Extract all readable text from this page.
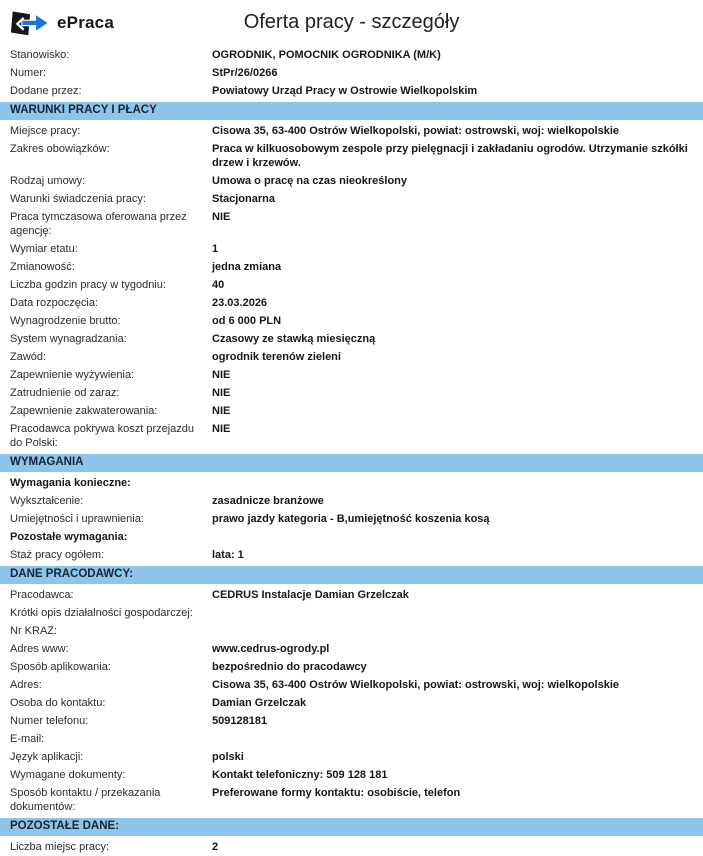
ePraca	Oferta pracy - szczegóły
Stanowisko:	OGRODNIK, POMOCNIK OGRODNIKA (M/K)
Numer:	StPr/26/0266
Dodane przez:	Powiatowy Urząd Pracy w Ostrowie Wielkopolskim
WARUNKI PRACY I PŁACY
Miejsce pracy:	Cisowa 35, 63-400 Ostrów Wielkopolski, powiat: ostrowski, woj: wielkopolskie
Zakres obowiązków:	Praca w kilkuosobowym zespole przy pielęgnacji i zakładaniu ogrodów. Utrzymanie szkółki drzew i krzewów.
Rodzaj umowy:	Umowa o pracę na czas nieokreślony
Warunki świadczenia pracy:	Stacjonarna
Praca tymczasowa oferowana przez agencję:
NIE
Wymiar etatu:	1
Zmianowość:	jedna zmiana
Liczba godzin pracy w tygodniu:	40
Data rozpoczęcia:	23.03.2026
Wynagrodzenie brutto:	od 6 000 PLN
System wynagradzania:	Czasowy ze stawką miesięczną
Zawód:	ogrodnik terenów zieleni
Zapewnienie wyżywienia:	NIE
Zatrudnienie od zaraz:	NIE
Zapewnienie zakwaterowania:	NIE
Pracodawca pokrywa koszt przejazdu do Polski:
NIE
WYMAGANIA
Wymagania konieczne:
Wykształcenie:	zasadnicze branżowe
Umiejętności i uprawnienia:	prawo jazdy kategoria - B,umiejętność koszenia kosą
Pozostałe wymagania:
Staż pracy ogółem:	lata: 1
DANE PRACODAWCY:
Pracodawca:	CEDRUS Instalacje Damian Grzelczak
Krótki opis działalności gospodarczej:
Nr KRAZ:
Adres www:	www.cedrus-ogrody.pl
Sposób aplikowania:	bezpośrednio do pracodawcy
Adres:	Cisowa 35, 63-400 Ostrów Wielkopolski, powiat: ostrowski, woj: wielkopolskie
Osoba do kontaktu:	Damian Grzelczak
Numer telefonu:	509128181
E-mail:
Język aplikacji:	polski
Wymagane dokumenty:	Kontakt telefoniczny: 509 128 181
Sposób kontaktu / przekazania dokumentów:
Preferowane formy kontaktu: osobiście, telefon
POZOSTAŁE DANE:
Liczba miejsc pracy:	2
